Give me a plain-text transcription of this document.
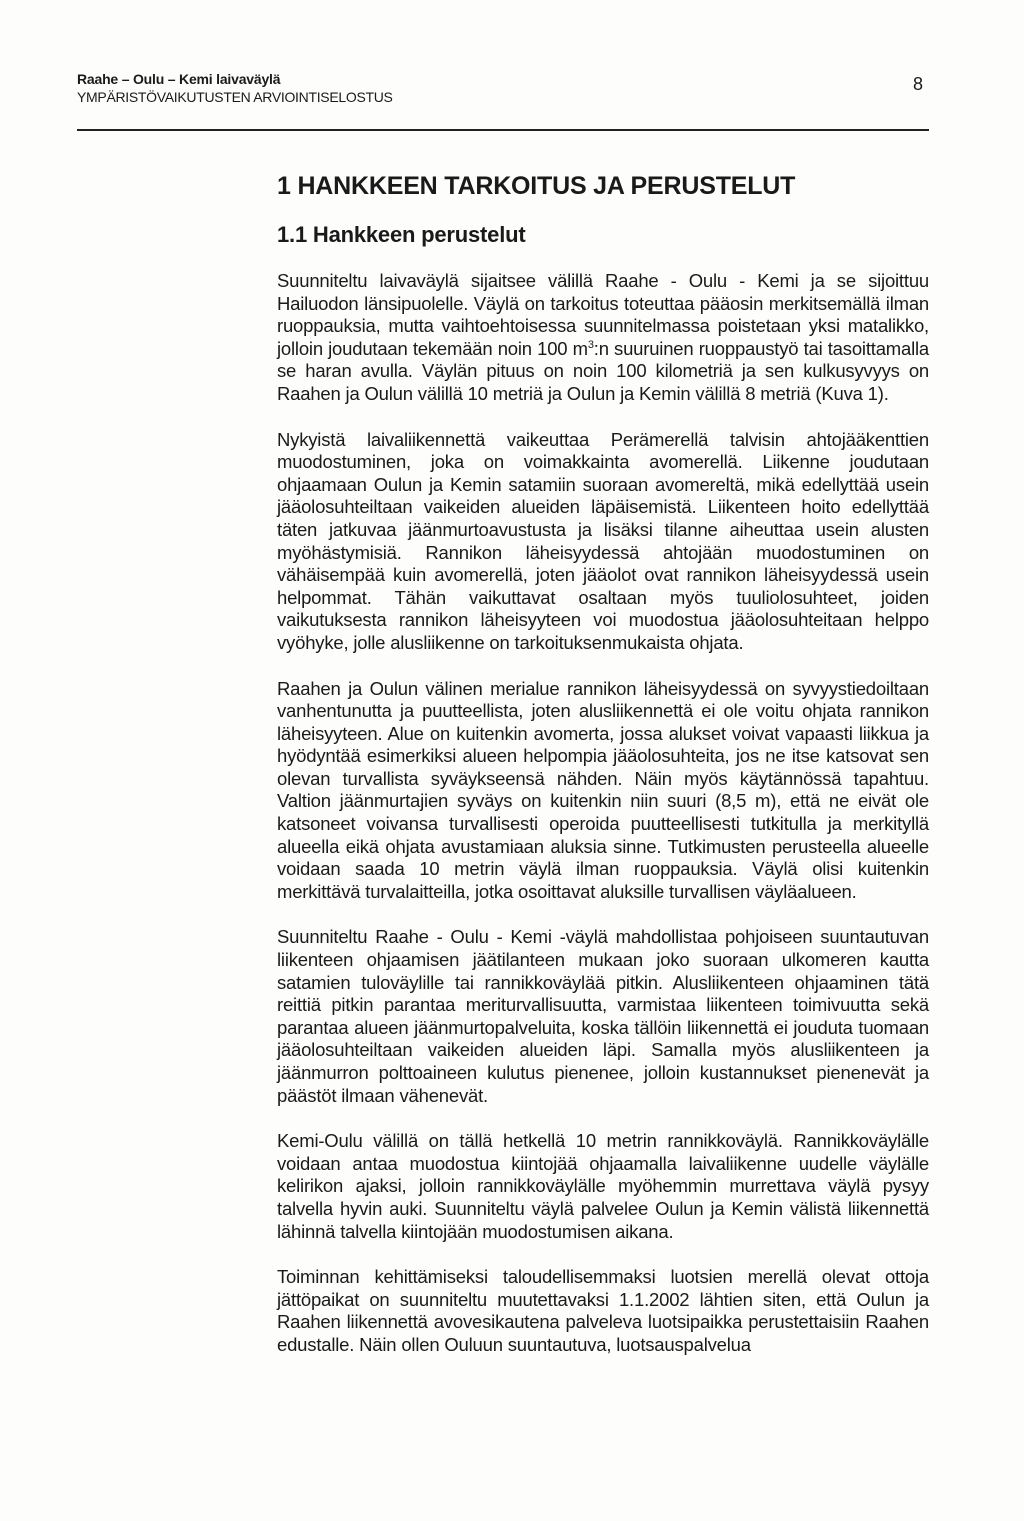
Raahe – Oulu – Kemi laivaväylä
YMPÄRISTÖVAIKUTUSTEN ARVIOINTISELOSTUS
8
1 HANKKEEN TARKOITUS JA PERUSTELUT
1.1 Hankkeen perustelut

Suunniteltu laivaväylä sijaitsee välillä Raahe - Oulu - Kemi ja se sijoittuu Hailuodon länsipuolelle. Väylä on tarkoitus toteuttaa pääosin merkitsemällä ilman ruoppauksia, mutta vaihtoehtoisessa suunnitelmassa poistetaan yksi matalikko, jolloin joudutaan tekemään noin 100 $m^3:n$ suuruinen ruoppaustyö tai tasoittamalla se haran avulla. Väylän pituus on noin 100 kilometriä ja sen kulkusyvyys on Raahen ja Oulun välillä 10 metriä ja Oulun ja Kemin välillä 8 metriä (Kuva 1).

Nykyistä laivaliikennettä vaikeuttaa Perämerellä talvisin ahtojääkenttien muodostuminen, joka on voimakkainta avomerellä. Liikenne joudutaan ohjaamaan Oulun ja Kemin satamiin suoraan avomereltä, mikä edellyttää usein jääolosuhteiltaan vaikeiden alueiden läpäisemistä. Liikenteen hoito edellyttää täten jatkuvaa jäänmurtoavustusta ja lisäksi tilanne aiheuttaa usein alusten myöhästymisiä. Rannikon läheisyydessä ahtojään muodostuminen on vähäisempää kuin avomerellä, joten jääolot ovat rannikon läheisyydessä usein helpommat. Tähän vaikuttavat osaltaan myös tuuliolosuhteet, joiden vaikutuksesta rannikon läheisyyteen voi muodostua jääolosuhteitaan helppo vyöhyke, jolle alusliikenne on tarkoituksenmukaista ohjata.

Raahen ja Oulun välinen merialue rannikon läheisyydessä on syvyystiedoiltaan vanhentunutta ja puutteellista, joten alusliikennettä ei ole voitu ohjata rannikon läheisyyteen. Alue on kuitenkin avomerta, jossa alukset voivat vapaasti liikkua ja hyödyntää esimerkiksi alueen helpompia jääolosuhteita, jos ne itse katsovat sen olevan turvallista syväykseensä nähden. Näin myös käytännössä tapahtuu. Valtion jäänmurtajien syväys on kuitenkin niin suuri (8,5 m), että ne eivät ole katsoneet voivansa turvallisesti operoida puutteellisesti tutkitulla ja merkityllä alueella eikä ohjata avustamiaan aluksia sinne. Tutkimusten perusteella alueelle voidaan saada 10 metrin väylä ilman ruoppauksia. Väylä olisi kuitenkin merkittävä turvalaitteilla, jotka osoittavat aluksille turvallisen väyläalueen.

Suunniteltu Raahe - Oulu - Kemi -väylä mahdollistaa pohjoiseen suuntautuvan liikenteen ohjaamisen jäätilanteen mukaan joko suoraan ulkomeren kautta satamien tuloväylille tai rannikkoväylää pitkin. Alusliikenteen ohjaaminen tätä reittiä pitkin parantaa meriturvallisuutta, varmistaa liikenteen toimivuutta sekä parantaa alueen jäänmurtopalveluita, koska tällöin liikennettä ei jouduta tuomaan jääolosuhteiltaan vaikeiden alueiden läpi. Samalla myös alusliikenteen ja jäänmurron polttoaineen kulutus pienenee, jolloin kustannukset pienenevät ja päästöt ilmaan vähenevät.

Kemi-Oulu välillä on tällä hetkellä 10 metrin rannikkoväylä. Rannikkoväylälle voidaan antaa muodostua kiintojää ohjaamalla laivaliikenne uudelle väylälle kelirikon ajaksi, jolloin rannikkoväylälle myöhemmin murrettava väylä pysyy talvella hyvin auki. Suunniteltu väylä palvelee Oulun ja Kemin välistä liikennettä lähinnä talvella kiintojään muodostumisen aikana.

Toiminnan kehittämiseksi taloudellisemmaksi luotsien merellä olevat ottoja jättöpaikat on suunniteltu muutettavaksi 1.1.2002 lähtien siten, että Oulun ja Raahen liikennettä avovesikautena palveleva luotsipaikka perustettaisiin Raahen edustalle. Näin ollen Ouluun suuntautuva, luotsauspalvelua
